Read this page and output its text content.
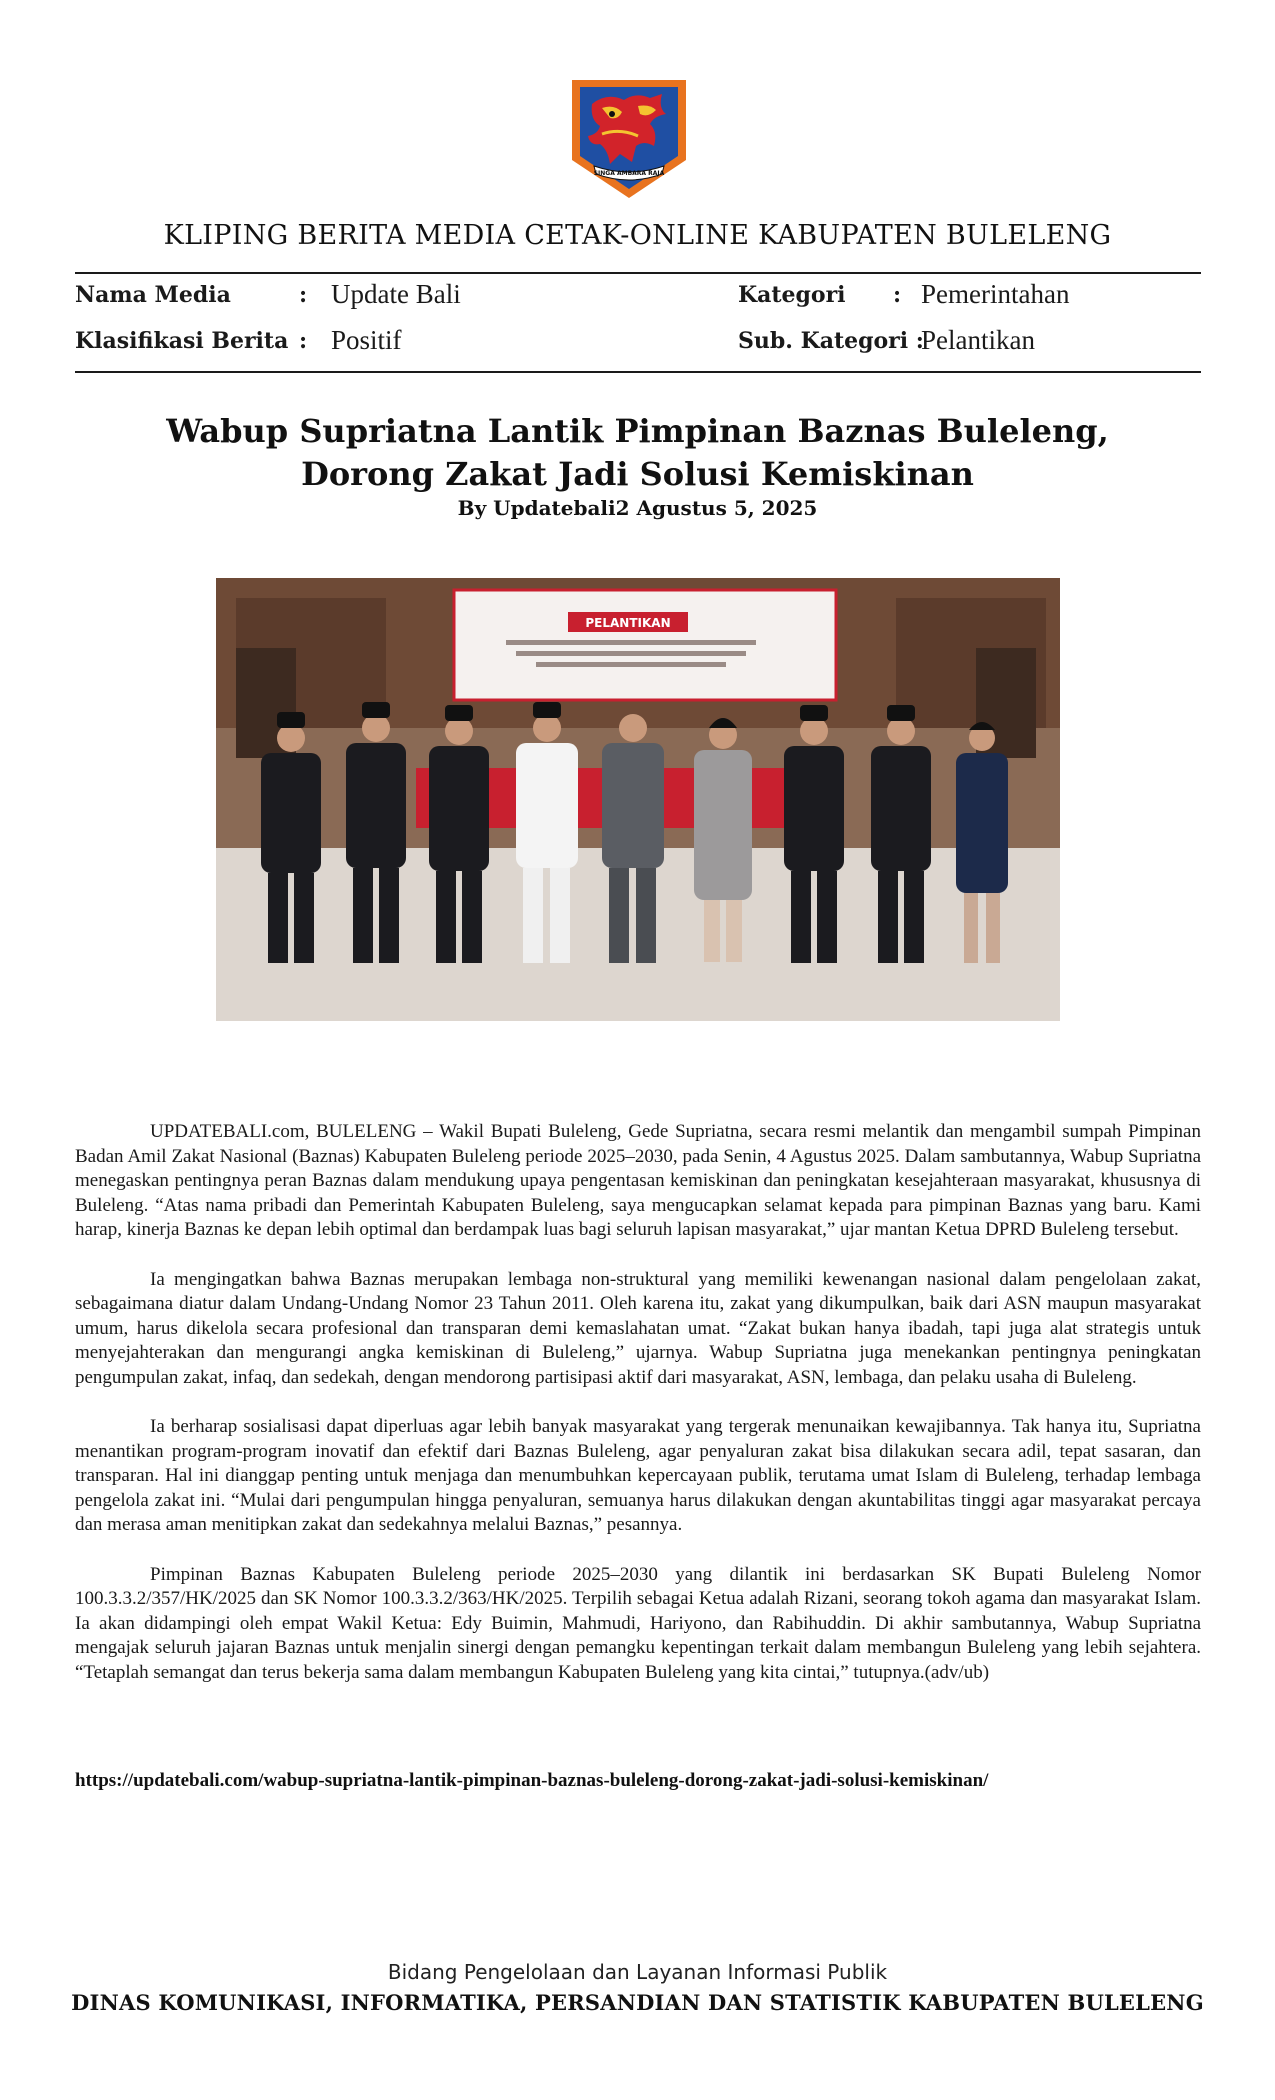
SINGA AMBARA RAJA
KLIPING BERITA MEDIA CETAK-ONLINE KABUPATEN BULELENG
Nama Media	: Update Bali
Klasifikasi Berita : Positif
Kategori : Pemerintahan
Sub. Kategori :
Pelantikan
Wabup Supriatna Lantik Pimpinan Baznas Buleleng,
Dorong Zakat Jadi Solusi Kemiskinan
By Updatebali2 Agustus 5, 2025
PELANTIKAN

UPDATEBALI.com, BULELENG – Wakil Bupati Buleleng, Gede Supriatna, secara resmi melantik dan mengambil sumpah Pimpinan Badan Amil Zakat Nasional (Baznas) Kabupaten Buleleng periode 2025–2030, pada Senin, 4 Agustus 2025. Dalam sambutannya, Wabup Supriatna menegaskan pentingnya peran Baznas dalam mendukung upaya pengentasan kemiskinan dan peningkatan kesejahteraan masyarakat, khususnya di Buleleng. “Atas nama pribadi dan Pemerintah Kabupaten Buleleng, saya mengucapkan selamat kepada para pimpinan Baznas yang baru. Kami harap, kinerja Baznas ke depan lebih optimal dan berdampak luas bagi seluruh lapisan masyarakat,” ujar mantan Ketua DPRD Buleleng tersebut.

Ia mengingatkan bahwa Baznas merupakan lembaga non-struktural yang memiliki kewenangan nasional dalam pengelolaan zakat, sebagaimana diatur dalam Undang-Undang Nomor 23 Tahun 2011. Oleh karena itu, zakat yang dikumpulkan, baik dari ASN maupun masyarakat umum, harus dikelola secara profesional dan transparan demi kemaslahatan umat. “Zakat bukan hanya ibadah, tapi juga alat strategis untuk menyejahterakan dan mengurangi angka kemiskinan di Buleleng,” ujarnya. Wabup Supriatna juga menekankan pentingnya peningkatan pengumpulan zakat, infaq, dan sedekah, dengan mendorong partisipasi aktif dari masyarakat, ASN, lembaga, dan pelaku usaha di Buleleng.

Ia berharap sosialisasi dapat diperluas agar lebih banyak masyarakat yang tergerak menunaikan kewajibannya. Tak hanya itu, Supriatna menantikan program-program inovatif dan efektif dari Baznas Buleleng, agar penyaluran zakat bisa dilakukan secara adil, tepat sasaran, dan transparan. Hal ini dianggap penting untuk menjaga dan menumbuhkan kepercayaan publik, terutama umat Islam di Buleleng, terhadap lembaga pengelola zakat ini. “Mulai dari pengumpulan hingga penyaluran, semuanya harus dilakukan dengan akuntabilitas tinggi agar masyarakat percaya dan merasa aman menitipkan zakat dan sedekahnya melalui Baznas,” pesannya.

Pimpinan Baznas Kabupaten Buleleng periode 2025–2030 yang dilantik ini berdasarkan SK Bupati Buleleng Nomor 100.3.3.2/357/HK/2025 dan SK Nomor 100.3.3.2/363/HK/2025. Terpilih sebagai Ketua adalah Rizani, seorang tokoh agama dan masyarakat Islam. Ia akan didampingi oleh empat Wakil Ketua: Edy Buimin, Mahmudi, Hariyono, dan Rabihuddin. Di akhir sambutannya, Wabup Supriatna mengajak seluruh jajaran Baznas untuk menjalin sinergi dengan pemangku kepentingan terkait dalam membangun Buleleng yang lebih sejahtera. “Tetaplah semangat dan terus bekerja sama dalam membangun Kabupaten Buleleng yang kita cintai,” tutupnya.(adv/ub)

https://updatebali.com/wabup-supriatna-lantik-pimpinan-baznas-buleleng-dorong-zakat-jadi-solusi-kemiskinan/
Bidang Pengelolaan dan Layanan Informasi Publik
DINAS KOMUNIKASI, INFORMATIKA, PERSANDIAN DAN STATISTIK KABUPATEN BULELENG
